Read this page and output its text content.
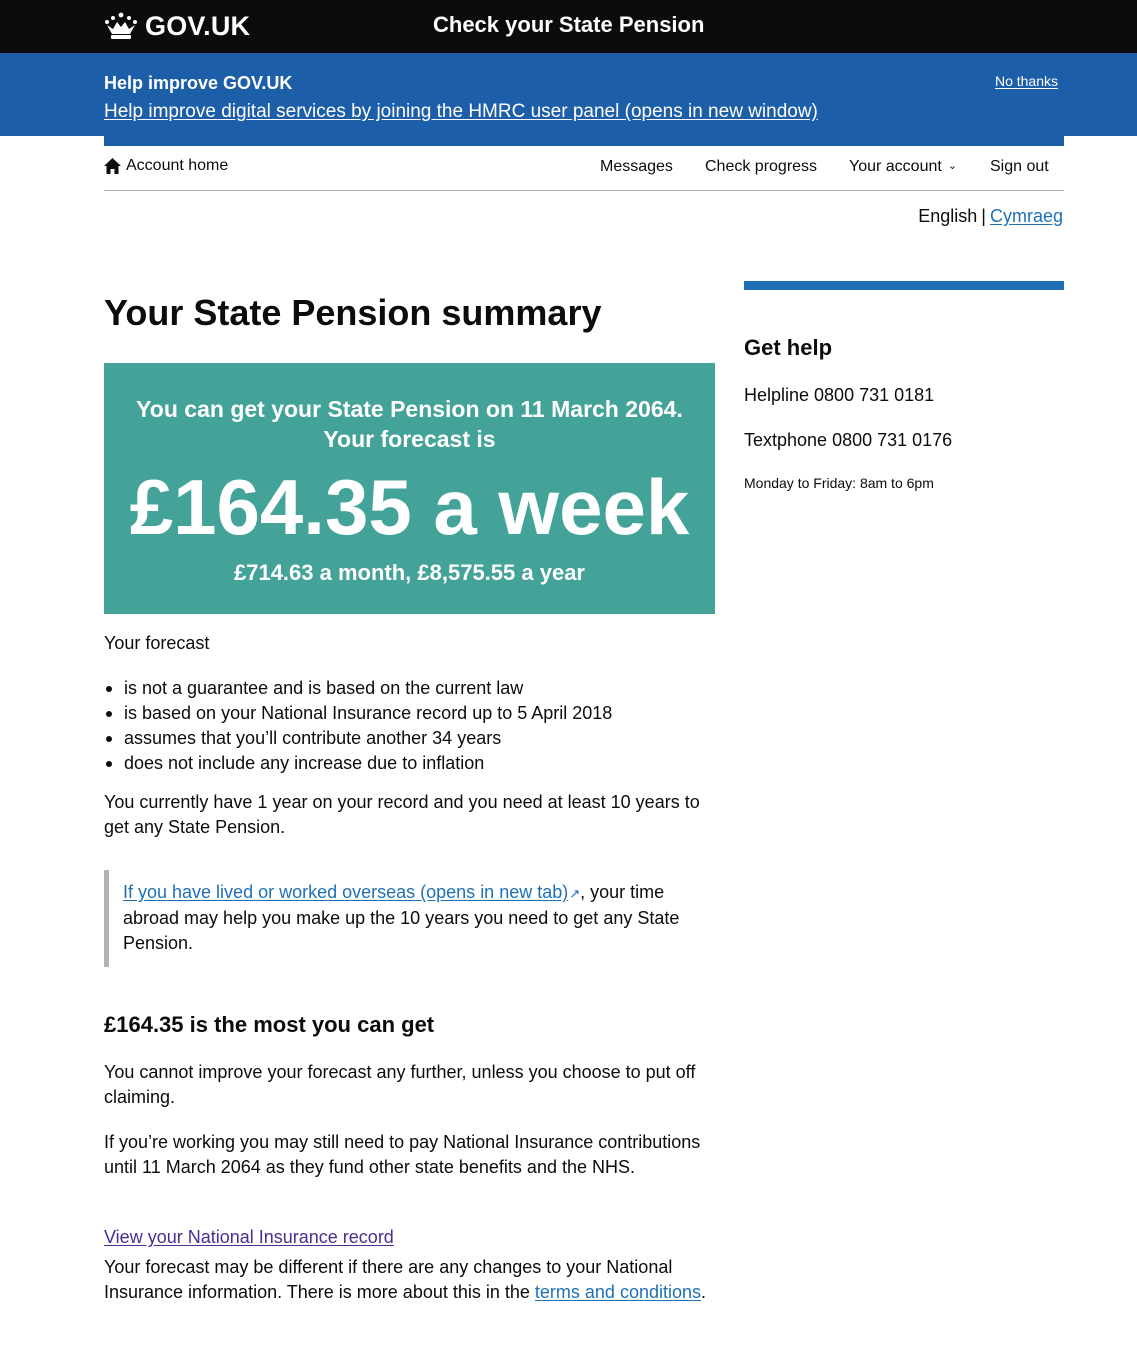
GOV.UK	Check your State Pension
Help improve GOV.UK
Help improve digital services by joining the HMRC user panel (opens in new window)
No thanks
Account home	Messages Check progress Your account ⌄ Sign out
English | Cymraeg
Your State Pension summary
You can get your State Pension on 11 March 2064.
Your forecast is
£164.35 a week
£714.63 a month, £8,575.55 a year

Your forecast

is not a guarantee and is based on the current law
is based on your National Insurance record up to 5 April 2018
assumes that you’ll contribute another 34 years
does not include any increase due to inflation

You currently have 1 year on your record and you need at least 10 years to get any State Pension.

If you have lived or worked overseas (opens in new tab)↗, your time abroad may help you make up the 10 years you need to get any State Pension.
£164.35 is the most you can get

You cannot improve your forecast any further, unless you choose to put off claiming.

If you’re working you may still need to pay National Insurance contributions until 11 March 2064 as they fund other state benefits and the NHS.

View your National Insurance record

Your forecast may be different if there are any changes to your National Insurance information. There is more about this in the terms and conditions.

Get help

Helpline 0800 731 0181

Textphone 0800 731 0176

Monday to Friday: 8am to 6pm
